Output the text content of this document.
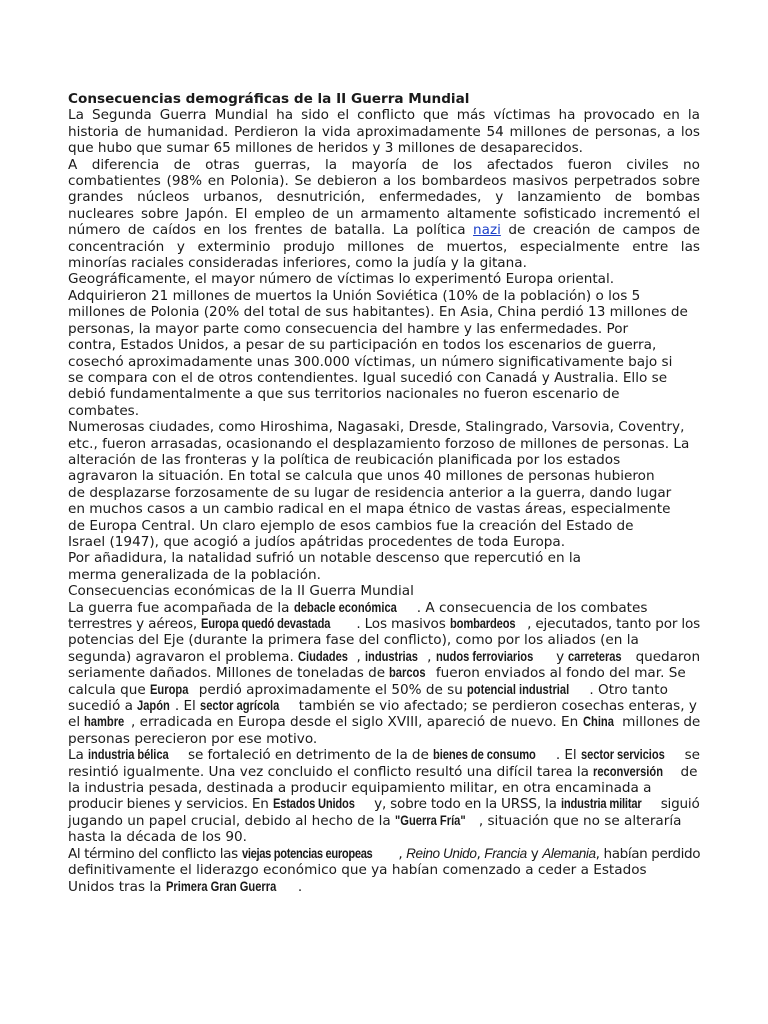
Consecuencias demográficas de la II Guerra Mundial
La Segunda Guerra Mundial ha sido el conflicto que más víctimas ha provocado en la
historia de humanidad. Perdieron la vida aproximadamente 54 millones de personas, a los
que hubo que sumar 65 millones de heridos y 3 millones de desaparecidos.
A diferencia de otras guerras, la mayoría de los afectados fueron civiles no
combatientes (98% en Polonia). Se debieron a los bombardeos masivos perpetrados sobre
grandes núcleos urbanos, desnutrición, enfermedades, y lanzamiento de bombas
nucleares sobre Japón. El empleo de un armamento altamente sofisticado incrementó el
número de caídos en los frentes de batalla. La política nazi de creación de campos de
concentración y exterminio produjo millones de muertos, especialmente entre las
minorías raciales consideradas inferiores, como la judía y la gitana.
Geográficamente, el mayor número de víctimas lo experimentó Europa oriental.
Adquirieron 21 millones de muertos la Unión Soviética (10% de la población) o los 5
millones de Polonia (20% del total de sus habitantes). En Asia, China perdió 13 millones de
personas, la mayor parte como consecuencia del hambre y las enfermedades. Por
contra, Estados Unidos, a pesar de su participación en todos los escenarios de guerra,
cosechó aproximadamente unas 300.000 víctimas, un número significativamente bajo si
se compara con el de otros contendientes. Igual sucedió con Canadá y Australia. Ello se
debió fundamentalmente a que sus territorios nacionales no fueron escenario de
combates.
Numerosas ciudades, como Hiroshima, Nagasaki, Dresde, Stalingrado, Varsovia, Coventry,
etc., fueron arrasadas, ocasionando el desplazamiento forzoso de millones de personas. La
alteración de las fronteras y la política de reubicación planificada por los estados
agravaron la situación. En total se calcula que unos 40 millones de personas hubieron
de desplazarse forzosamente de su lugar de residencia anterior a la guerra, dando lugar
en muchos casos a un cambio radical en el mapa étnico de vastas áreas, especialmente
de Europa Central. Un claro ejemplo de esos cambios fue la creación del Estado de
Israel (1947), que acogió a judíos apátridas procedentes de toda Europa.
Por añadidura, la natalidad sufrió un notable descenso que repercutió en la
merma generalizada de la población.
Consecuencias económicas de la II Guerra Mundial
La guerra fue acompañada de la debacle económica . A consecuencia de los combates
terrestres y aéreos, Europa quedó devastada . Los masivos bombardeos , ejecutados, tanto por los
potencias del Eje (durante la primera fase del conflicto), como por los aliados (en la
segunda) agravaron el problema. Ciudades , industrias , nudos ferroviarios y carreteras quedaron
seriamente dañados. Millones de toneladas de barcos fueron enviados al fondo del mar. Se
calcula que Europa perdió aproximadamente el 50% de su potencial industrial . Otro tanto
sucedió a Japón . El sector agrícola también se vio afectado; se perdieron cosechas enteras, y
el hambre , erradicada en Europa desde el siglo XVIII, apareció de nuevo. En China millones de
personas perecieron por ese motivo.
La industria bélica se fortaleció en detrimento de la de bienes de consumo . El sector servicios se
resintió igualmente. Una vez concluido el conflicto resultó una difícil tarea la reconversión de
la industria pesada, destinada a producir equipamiento militar, en otra encaminada a
producir bienes y servicios. En Estados Unidos y, sobre todo en la URSS, la industria militar siguió
jugando un papel crucial, debido al hecho de la "Guerra Fría" , situación que no se alteraría
hasta la década de los 90.
Al término del conflicto las viejas potencias europeas , Reino Unido, Francia y Alemania, habían perdido
definitivamente el liderazgo económico que ya habían comenzado a ceder a Estados
Unidos tras la Primera Gran Guerra .
